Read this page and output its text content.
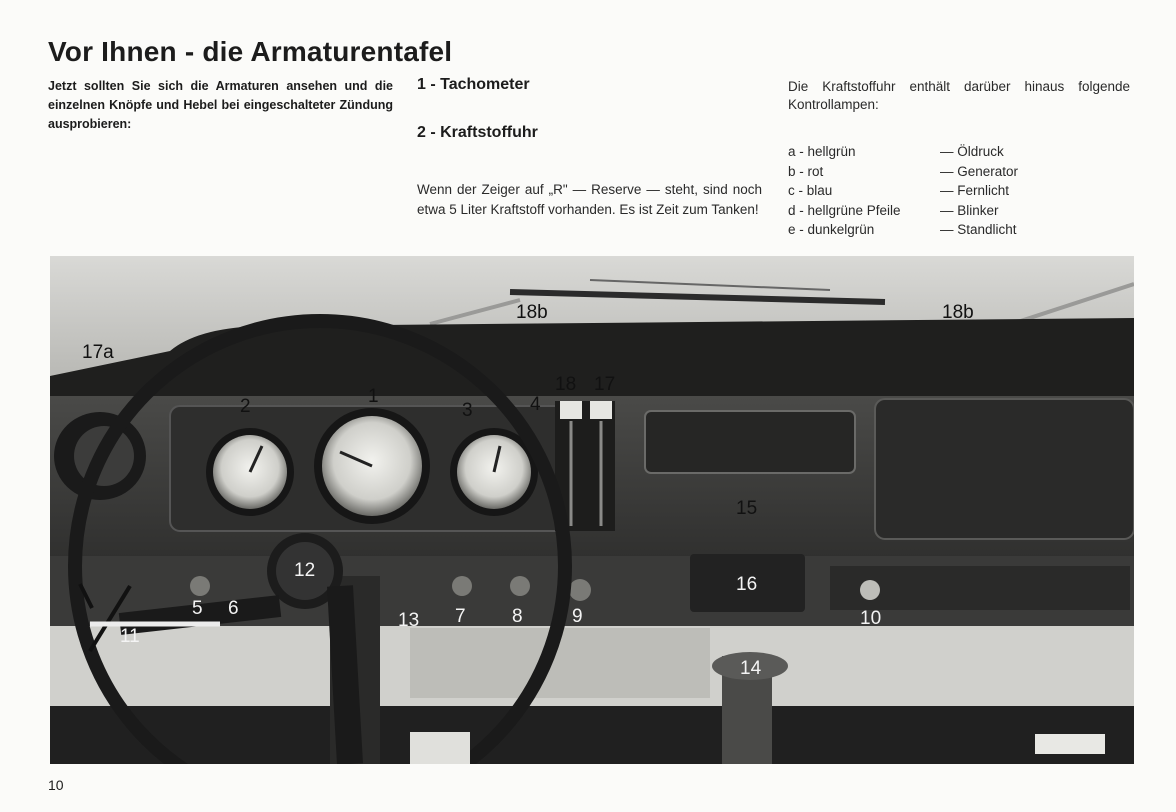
Vor Ihnen - die Armaturentafel
Jetzt sollten Sie sich die Armaturen ansehen und die einzelnen Knöpfe und Hebel bei eingeschalteter Zündung ausprobieren:
1 - Tachometer
2 - Kraftstoffuhr
Wenn der Zeiger auf „R" — Reserve — steht, sind noch etwa 5 Liter Kraftstoff vorhanden. Es ist Zeit zum Tanken!
Die Kraftstoffuhr enthält darüber hinaus folgende Kontrollampen:
a - hellgrün	— Öldruck
b - rot	— Generator
c - blau	— Fernlicht
d - hellgrüne Pfeile	— Blinker
e - dunkelgrün	— Standlicht
17a
18b	18b
1
2	3	4
18 17
15
16
12
5 6
11
13 7 8	9	10
14
10
